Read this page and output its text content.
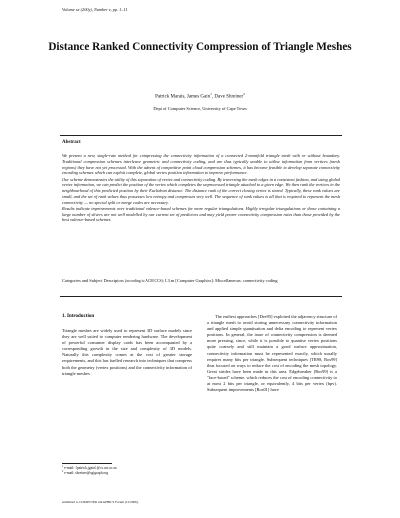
Volume xx (200y), Number z, pp. 1–11
Distance Ranked Connectivity Compression of Triangle Meshes
Patrick Marais, James Gain$^1$, Dave Shreiner$^2$
Dept of Computer Science, University of Cape Town
Abstract

We present a new, single-rate method for compressing the connectivity information of a connected 2-manifold triangle mesh with or without boundary. Traditional compression schemes interleave geometric and connectivity coding, and are thus typically unable to utilise information from vertices (mesh regions) they have not yet processed. With the advent of competitive point cloud compression schemes, it has become feasible to develop separate connectivity encoding schemes which can exploit complete, global vertex position information to improve performance.

Our scheme demonstrates the utility of this separation of vertex and connectivity coding. By traversing the mesh edges in a consistent fashion, and using global vertex information, we can predict the position of the vertex which completes the unprocessed triangle attached to a given edge. We then rank the vertices in the neighbourhood of this predicted position by their Euclidean distance. The distance rank of the correct closing vertex is stored. Typically, these rank values are small, and the set of rank values thus possesses low entropy and compresses very well. The sequence of rank values is all that is required to represent the mesh connectivity — no special split or merge codes are necessary.

Results indicate improvements over traditional valence-based schemes for more regular triangulations. Highly irregular triangulations or those containing a large number of slivers are not well modelled by our current set of predictors and may yield poorer connectivity compression rates than those provided by the best valence-based schemes.

Categories and Subject Descriptors (according to ACM CCS): I.3.m [Computer Graphics]: Miscellaneous: connectivity coding
1. Introduction

Triangle meshes are widely used to represent 3D surface models since they are well suited to computer rendering hardware. The development of powerful consumer display cards has been accompanied by a corresponding growth in the size and complexity of 3D models. Naturally this complexity comes at the cost of greater storage requirements, and this has fuelled research into techniques that compress both the geometry (vertex positions) and the connectivity information of triangle meshes.

The earliest approaches [Dee95] exploited the adjacency structure of a triangle mesh to avoid storing unnecessary connectivity information and applied simple quantisation and delta encoding to represent vertex positions. In general, the issue of connectivity compression is deemed more pressing, since, while it is possible to quantise vertex positions quite coarsely and still maintain a good surface approximation, connectivity information must be represented exactly, which usually requires many bits per triangle. Subsequent techniques [TR98, Ros99] thus focused on ways to reduce the cost of encoding the mesh topology. Great strides have been made in this area. Edgebreaker [Ros99] is a "face-based" scheme, which reduces the cost of encoding connectivity to at most 2 bits per triangle, or equivalently, 4 bits per vertex (bpv). Subsequent improvements [Ros01] have

$^1$ e-mail: {patrick,jgain}@cs.uct.ac.za
$^2$ e-mail: shreiner@sgigraph.org
submitted to COMPUTER GRAPHICS Forum (12/2006).
